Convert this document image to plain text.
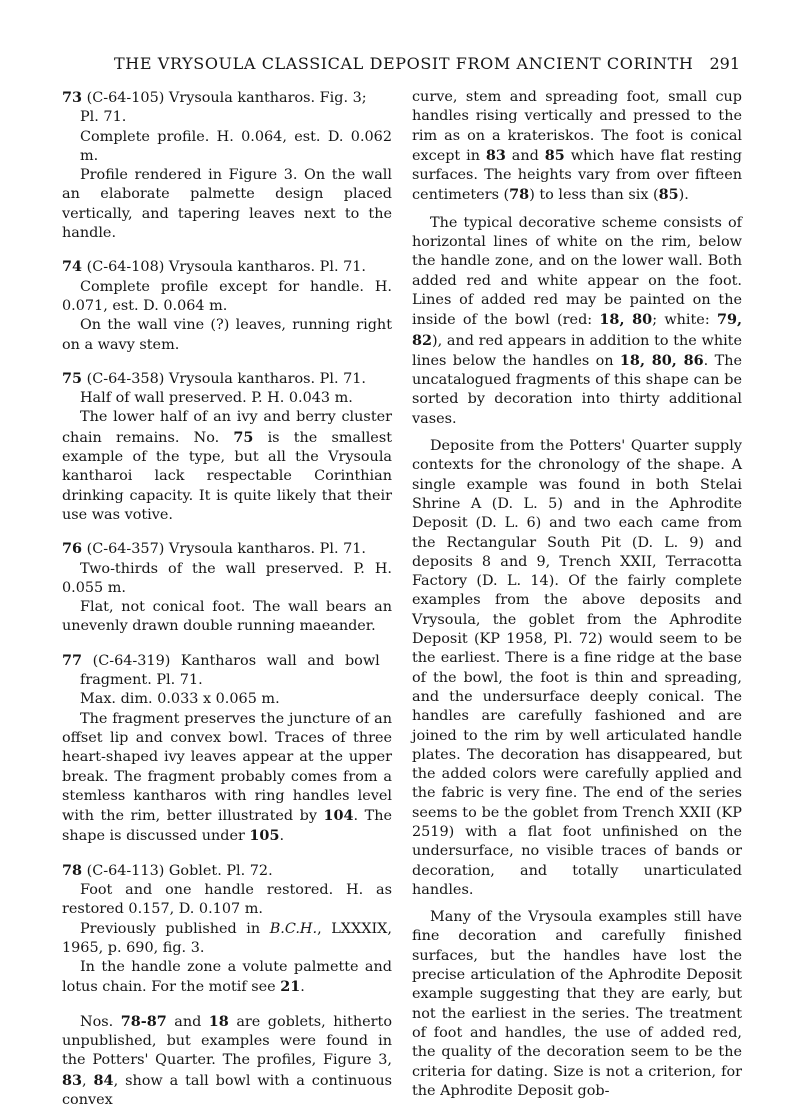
THE VRYSOULA CLASSICAL DEPOSIT FROM ANCIENT CORINTH 291

73 (C-64-105) Vrysoula kantharos. Fig. 3;

Pl. 71.

Complete profile. H. 0.064, est. D. 0.062 m.

Profile rendered in Figure 3. On the wall an elaborate palmette design placed vertically, and tapering leaves next to the handle.

74 (C-64-108) Vrysoula kantharos. Pl. 71.

Complete profile except for handle. H. 0.071, est. D. 0.064 m.

On the wall vine (?) leaves, running right on a wavy stem.

75 (C-64-358) Vrysoula kantharos. Pl. 71.

Half of wall preserved. P. H. 0.043 m.

The lower half of an ivy and berry cluster chain remains. No. 75 is the smallest example of the type, but all the Vrysoula kantharoi lack respectable Corinthian drinking capacity. It is quite likely that their use was votive.

76 (C-64-357) Vrysoula kantharos. Pl. 71.

Two-thirds of the wall preserved. P. H. 0.055 m.

Flat, not conical foot. The wall bears an unevenly drawn double running maeander.

77 (C-64-319) Kantharos wall and bowl

fragment. Pl. 71.

Max. dim. 0.033 x 0.065 m.

The fragment preserves the juncture of an offset lip and convex bowl. Traces of three heart-shaped ivy leaves appear at the upper break. The fragment probably comes from a stemless kantharos with ring handles level with the rim, better illustrated by 104. The shape is discussed under 105.

78 (C-64-113) Goblet. Pl. 72.

Foot and one handle restored. H. as restored 0.157, D. 0.107 m.

Previously published in B.C.H., LXXXIX, 1965, p. 690, fig. 3.

In the handle zone a volute palmette and lotus chain. For the motif see 21.

Nos. 78-87 and 18 are goblets, hitherto unpublished, but examples were found in the Potters' Quarter. The profiles, Figure 3, 83, 84, show a tall bowl with a continuous convex

curve, stem and spreading foot, small cup handles rising vertically and pressed to the rim as on a krateriskos. The foot is conical except in 83 and 85 which have flat resting surfaces. The heights vary from over fifteen centimeters (78) to less than six (85).

The typical decorative scheme consists of horizontal lines of white on the rim, below the handle zone, and on the lower wall. Both added red and white appear on the foot. Lines of added red may be painted on the inside of the bowl (red: 18, 80; white: 79, 82), and red appears in addition to the white lines below the handles on 18, 80, 86. The uncatalogued fragments of this shape can be sorted by decoration into thirty additional vases.

Deposite from the Potters' Quarter supply contexts for the chronology of the shape. A single example was found in both Stelai Shrine A (D. L. 5) and in the Aphrodite Deposit (D. L. 6) and two each came from the Rectangular South Pit (D. L. 9) and deposits 8 and 9, Trench XXII, Terracotta Factory (D. L. 14). Of the fairly complete examples from the above deposits and Vrysoula, the goblet from the Aphrodite Deposit (KP 1958, Pl. 72) would seem to be the earliest. There is a fine ridge at the base of the bowl, the foot is thin and spreading, and the undersurface deeply conical. The handles are carefully fashioned and are joined to the rim by well articulated handle plates. The decoration has disappeared, but the added colors were carefully applied and the fabric is very fine. The end of the series seems to be the goblet from Trench XXII (KP 2519) with a flat foot unfinished on the undersurface, no visible traces of bands or decoration, and totally unarticulated handles.

Many of the Vrysoula examples still have fine decoration and carefully finished surfaces, but the handles have lost the precise articulation of the Aphrodite Deposit example suggesting that they are early, but not the earliest in the series. The treatment of foot and handles, the use of added red, the quality of the decoration seem to be the criteria for dating. Size is not a criterion, for the Aphrodite Deposit gob-
